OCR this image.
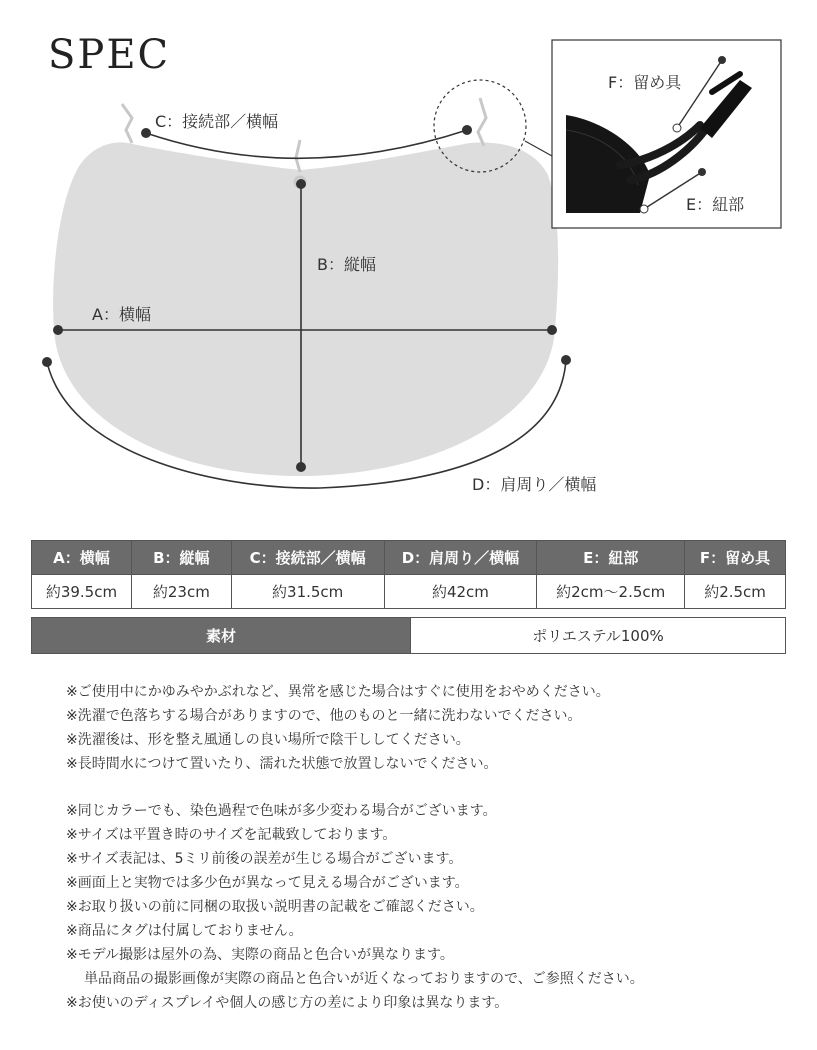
SPEC
C：接続部／横幅
B：縦幅
A：横幅
D：肩周り／横幅
F：留め具
E：紐部
A：横幅	B：縦幅	C：接続部／横幅	D：肩周り／横幅	E：紐部	F：留め具
約39.5cm	約23cm	約31.5cm	約42cm	約2cm〜2.5cm	約2.5cm
素材	ポリエステル100%

※ご使用中にかゆみやかぶれなど、異常を感じた場合はすぐに使用をおやめください。

※洗濯で色落ちする場合がありますので、他のものと一緒に洗わないでください。

※洗濯後は、形を整え風通しの良い場所で陰干ししてください。

※長時間水につけて置いたり、濡れた状態で放置しないでください。

※同じカラーでも、染色過程で色味が多少変わる場合がございます。

※サイズは平置き時のサイズを記載致しております。

※サイズ表記は、5ミリ前後の誤差が生じる場合がございます。

※画面上と実物では多少色が異なって見える場合がございます。

※お取り扱いの前に同梱の取扱い説明書の記載をご確認ください。

※商品にタグは付属しておりません。

※モデル撮影は屋外の為、実際の商品と色合いが異なります。

単品商品の撮影画像が実際の商品と色合いが近くなっておりますので、ご参照ください。

※お使いのディスプレイや個人の感じ方の差により印象は異なります。
